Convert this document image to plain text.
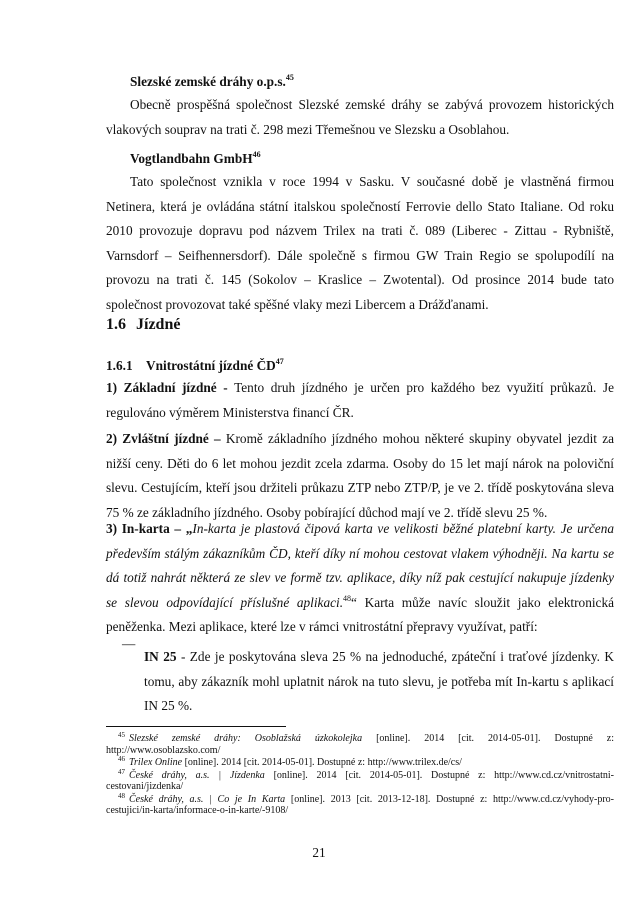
Slezské zemské dráhy o.p.s.$^{45}$

Obecně prospěšná společnost Slezské zemské dráhy se zabývá provozem historických vlakových souprav na trati č. 298 mezi Třemešnou ve Slezsku a Osoblahou.

Vogtlandbahn GmbH$^{46}$

Tato společnost vznikla v roce 1994 v Sasku. V současné době je vlastněná firmou Netinera, která je ovládána státní italskou společností Ferrovie dello Stato Italiane. Od roku 2010 provozuje dopravu pod názvem Trilex na trati č. 089 (Liberec - Zittau - Rybniště, Varnsdorf – Seifhennersdorf). Dále společně s firmou GW Train Regio se spolupodílí na provozu na trati č. 145 (Sokolov – Kraslice – Zwotental). Od prosince 2014 bude tato společnost provozovat také spěšné vlaky mezi Libercem a Drážďanami.

1.6 Jízdné

1.6.1 Vnitrostátní jízdné ČD$^{47}$

1) Základní jízdné - Tento druh jízdného je určen pro každého bez využití průkazů. Je regulováno výměrem Ministerstva financí ČR.

2) Zvláštní jízdné – Kromě základního jízdného mohou některé skupiny obyvatel jezdit za nižší ceny. Děti do 6 let mohou jezdit zcela zdarma. Osoby do 15 let mají nárok na poloviční slevu. Cestujícím, kteří jsou držiteli průkazu ZTP nebo ZTP/P, je ve 2. třídě poskytována sleva 75 % ze základního jízdného. Osoby pobírající důchod mají ve 2. třídě slevu 25 %.

3) In-karta – „In-karta je plastová čipová karta ve velikosti běžné platební karty. Je určena především stálým zákazníkům ČD, kteří díky ní mohou cestovat vlakem výhodněji. Na kartu se dá totiž nahrát některá ze slev ve formě tzv. aplikace, díky níž pak cestující nakupuje jízdenky se slevou odpovídající příslušné aplikaci.$^{48}$“ Karta může navíc sloužit jako elektronická peněženka. Mezi aplikace, které lze v rámci vnitrostátní přepravy využívat, patří:

—

IN 25 - Zde je poskytována sleva 25 % na jednoduché, zpáteční i traťové jízdenky. K tomu, aby zákazník mohl uplatnit nárok na tuto slevu, je potřeba mít In-kartu s aplikací IN 25 %.

$^{45}$ Slezské zemské dráhy: Osoblažská úzkokolejka [online]. 2014 [cit. 2014-05-01]. Dostupné z: http://www.osoblazsko.com/

$^{46}$ Trilex Online [online]. 2014 [cit. 2014-05-01]. Dostupné z: http://www.trilex.de/cs/

$^{47}$ České dráhy, a.s. | Jízdenka [online]. 2014 [cit. 2014-05-01]. Dostupné z: http://www.cd.cz/vnitrostatni-cestovani/jizdenka/

$^{48}$ České dráhy, a.s. | Co je In Karta [online]. 2013 [cit. 2013-12-18]. Dostupné z: http://www.cd.cz/vyhody-pro-cestujici/in-karta/informace-o-in-karte/-9108/

21
